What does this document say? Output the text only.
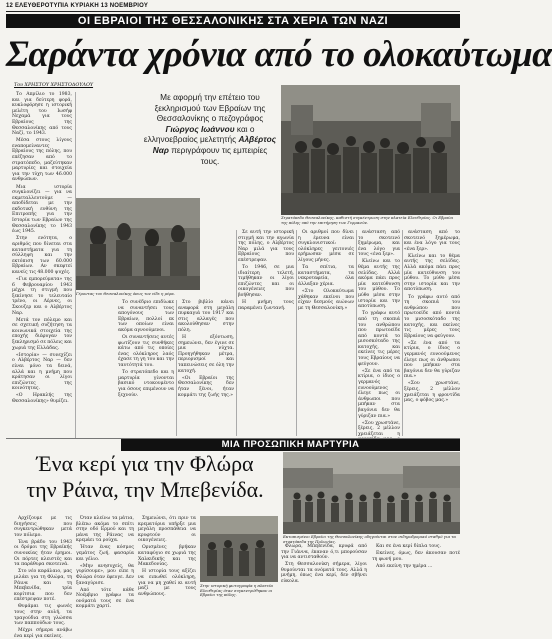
12 ΕΛΕΥΘΕΡΟΤΥΠΙΑ ΚΥΡΙΑΚΗ 13 ΝΟΕΜΒΡΙΟΥ
ΟΙ ΕΒΡΑΙΟΙ ΤΗΣ ΘΕΣΣΑΛΟΝΙΚΗΣ ΣΤΑ ΧΕΡΙΑ ΤΩΝ ΝΑΖΙ
Σαράντα χρόνια από το ολοκαύτωμα
Του ΧΡΗΣΤΟΥ ΧΡΗΣΤΟΔΟΥΛΟΥ

Το Απρίλιο το 1983, και για δεύτερη φορά, κυκλοφόρησε η ιστορική μελέτη του Ιωσήφ Νεχαμά για τους Εβραίους της Θεσσαλονίκης από τους Ναζί, το 1943.

Μέσα στους λίγους εναπομείναντες Εβραίους της πόλης, που επέζησαν από το στρατόπεδο, μαζεύτηκαν μαρτυρίες και στοιχεία για την τύχη των 46.000 ανθρώπων.

Μια ιστορία συγκλονίζει — για να εκμεταλλευτούμε — αποδίδεται με την εκδοτική ευθύνη της Επιτροπής για την Ιστορία των Εβραίων της Θεσσαλονίκης το 1943 έως 1945.

Στην ενότητα, ο αριθμός που δίνεται στα καταστήματα για τη σύλληψη και την εκτόπιση των 60.000 Εβραίων. Αν σκεφτεί κανείς τις 48.000 ψυχές.

«Για εμπορεύματα» της 6 Φεβρουαρίου 1943 μέχρι τη στιγμή που ξεκίνησε το τελευταίο τρένο, οι Λέρνες, οι Σκουζερ και ο Αλβέρτος Ναρ.

Μετά τον πόλεμο και σε σχετική συζήτηση τα κοινωνικά στοιχεία της εποχής διέφυγαν τον ξεκληρισμό σε πόλεις και χωριά της Ελλάδας.

«Ιστορία» — συνεχίζει ο Αλβέρτος Ναρ — δεν είναι μόνο τα δεινά, αλλά και η μνήμη που κράτησαν οι λίγοι επιζώντες της κοινότητας.

«Ο Ηρακλής της Θεσσαλονίκης» θυμίζει.

Γέροντας του Θεσσαλονίκης όπως τον είδε η μέρα.
Με αφορμή την επέτειο του ξεκληρισμού των Εβραίων της Θεσσαλονίκης ο πεζογράφος Γιώργος Ιωάννου και ο ελληνοεβραίος μελετητής Αλβέρτος Ναρ περιγράφουν τις εμπειρίες τους.
Στρατόπεδο Θεσσαλονίκης, καθιστή συγκέντρωση στην πλατεία Ελευθερίας. Οι Εβραίοι της πόλης υπό την επιτήρηση των Γερμανών.

Το συνέδριο επιδίωκε να συναντήσει τους απογόνους των Εβραίων, πολλοί εκ των οποίων είναι ακόμα αγνοούμενοι.

Οι συναντήσεις αυτές φωτίζουν τις συνθήκες κάτω από τις οποίες ένας ολόκληρος λαός έχασε τη γη του και την ταυτότητά του.

Το στρατόπεδο και η μαρτυρία γίνονται βασικό ντοκουμέντο για όσους επιμένουν να ξεχνούν.

Στο βιβλίο κάνει αναφορά στη μεγάλη πυρκαγιά του 1917 και στις αλλαγές που ακολούθησαν στην πόλη.

Η εξόντωση, σημειώνει, δεν έγινε σε μια νύχτα. Προηγήθηκαν μέτρα, περιορισμοί και ταπεινώσεις σε όλη την κατοχή.

«Οι Εβραίοι της Θεσσαλονίκης δεν ήταν ξένοι, ήταν κομμάτι της ζωής της.»

Σε αυτή την ιστορική στιγμή και την αγωνία της πόλης, ο Αλβέρτος Ναρ μιλά για τους Εβραίους που επέστρεψαν.

Το 1946, σε μια ιδιαίτερη τελετή, τιμήθηκαν οι λίγοι επιζώντες και οι οικογένειες που βοήθησαν.

Η μνήμη τους παραμένει ζωντανή.

Οι αριθμοί που δίνει η έρευνα είναι συγκλονιστικοί: ολόκληρες γειτονιές ερήμωσαν μέσα σε λίγους μήνες.

Τα σπίτια, τα καταστήματα, τα νεκροταφεία, όλα άλλαξαν χέρια.

«Στο Ολοκαύτωμα χάθηκαν εκείνοι που είχαν δεσμούς αιώνων με τη Θεσσαλονίκη.»

ανάσταση από το σκοτεινό ξημέρωμα, και ένα λόγο για τους «ένα ξερ».

Κλείνω και το θέμα αυτής της σελίδας. Αλλά ακόμα πάει προς μία κατεύθυνση του μύθου. Το μύθο μέσα στην ιστορία και την αποτύπωση.

Το γράφω αυτό από τη σκοπιά του ανθρώπου που πρωτοείδε από κοντά το μισοσκόταδο της κατοχής, και εκείνες τις μέρες τους Εβραίους να φεύγουν.

«Σε ένα από τα κτίρια, ο ίδιος ο γερμανός ευνοούμενος έλεγε πως οι άνθρωποι που μπήκαν στα βαγόνια δεν θα γύριζαν πια.»

«Σου χρωστάνε, ξέρεις, 2 μέλλον χρειάζεται η φροντίδα μας, ο φόβος μας.»

ανάσταση από το σκοτεινό ξημέρωμα, και ένα λόγο για τους «ένα ξερ».

Κλείνω και το θέμα αυτής της σελίδας. Αλλά ακόμα πάει προς μία κατεύθυνση του μύθου. Το μύθο μέσα στην ιστορία και την αποτύπωση.

Το γράφω αυτό από τη σκοπιά του ανθρώπου που πρωτοείδε από κοντά το μισοσκόταδο της κατοχής, και εκείνες τις μέρες τους Εβραίους να φεύγουν.

«Σε ένα από τα κτίρια, ο ίδιος ο γερμανός ευνοούμενος έλεγε πως οι άνθρωποι που μπήκαν στα βαγόνια δεν θα γύριζαν πια.»

«Σου χρωστάνε, ξέρεις, 2 μέλλον χρειάζεται η

ΜΙΑ ΠΡΟΣΩΠΙΚΗ ΜΑΡΤΥΡΙΑ
Ένα κερί για την Φλώρα
την Ράινα, την Μπεβενίδα.

Αρχίζουμε με τις διηγήσεις που συγκεντρώθηκαν μετά τον πόλεμο.

Ένα βράδυ του 1943 οι δρόμοι της Εβραϊκής συνοικίας ήταν έρημοι. Οι πόρτες κλειστές και τα παράθυρα σκοτεινά.

Στο νέο κεφάλαιο, μας μιλάει για τη Φλώρα, τη Ράινα και τη Μπεβενίδα, τρία κορίτσια που δεν επέστρεψαν ποτέ.

Θυμάμαι τις φωνές τους στην αυλή, τα τραγούδια στη γλώσσα των παππούδων τους.

Μέχρι σήμερα ανάβω ένα κερί για εκείνες.

Όταν κλείνω τα μάτια, βλέπω ακόμα το σπίτι στην οδό Ερμού και τη μάνα της Ράινας να κρεμάει τα ρούχα.

Ήταν ένας κόσμος γεμάτος ζωή, φασαρία και γέλιο.

«Μην ανησυχείς, θα γυρίσουμε», μου είπε η Φλώρα όταν έφευγε. Δεν ξαναγύρισε.

Από τότε κάθε Νοέμβριο γράφω τα ονόματά τους σε ένα κομμάτι χαρτί.

Σημειώνει, ότι πριν τα κρεματόρια υπήρξε μια μεγάλη προσπάθεια να κρυφτούν οι οικογένειες.

Ορισμένες βρήκαν καταφύγιο σε χωριά της Χαλκιδικής και της Μακεδονίας.

Η ιστορία τους αξίζει να ειπωθεί ολόκληρη, για να μη χαθεί κι αυτή μαζί με τους ανθρώπους.

Φλώρα, Μπεβενίδα, κρυφά από την Γιάννα, έκαναν ό,τι μπορούσαν για να αντισταθούν.

Στη Θεσσαλονίκη σήμερα, λίγοι θυμούνται τα ονόματά τους. Αλλά η μνήμη, όπως ένα κερί, δεν σβήνει εύκολα.

Και σε ένα κερί δίπλα τους.

Εκείνες, όμως, δεν άκουσαν ποτέ τη φωνή μου.

Από εκείνη την ημέρα ...

Εκτοπισμένοι Εβραίοι της Θεσσαλονίκης οδηγούνται στον σιδηροδρομικό σταθμό για τα στρατόπεδα της Πολωνίας.
Στην ιστορική φωτογραφία η πλατεία Ελευθερίας όταν συγκεντρώθηκαν οι Εβραίοι της πόλης.
